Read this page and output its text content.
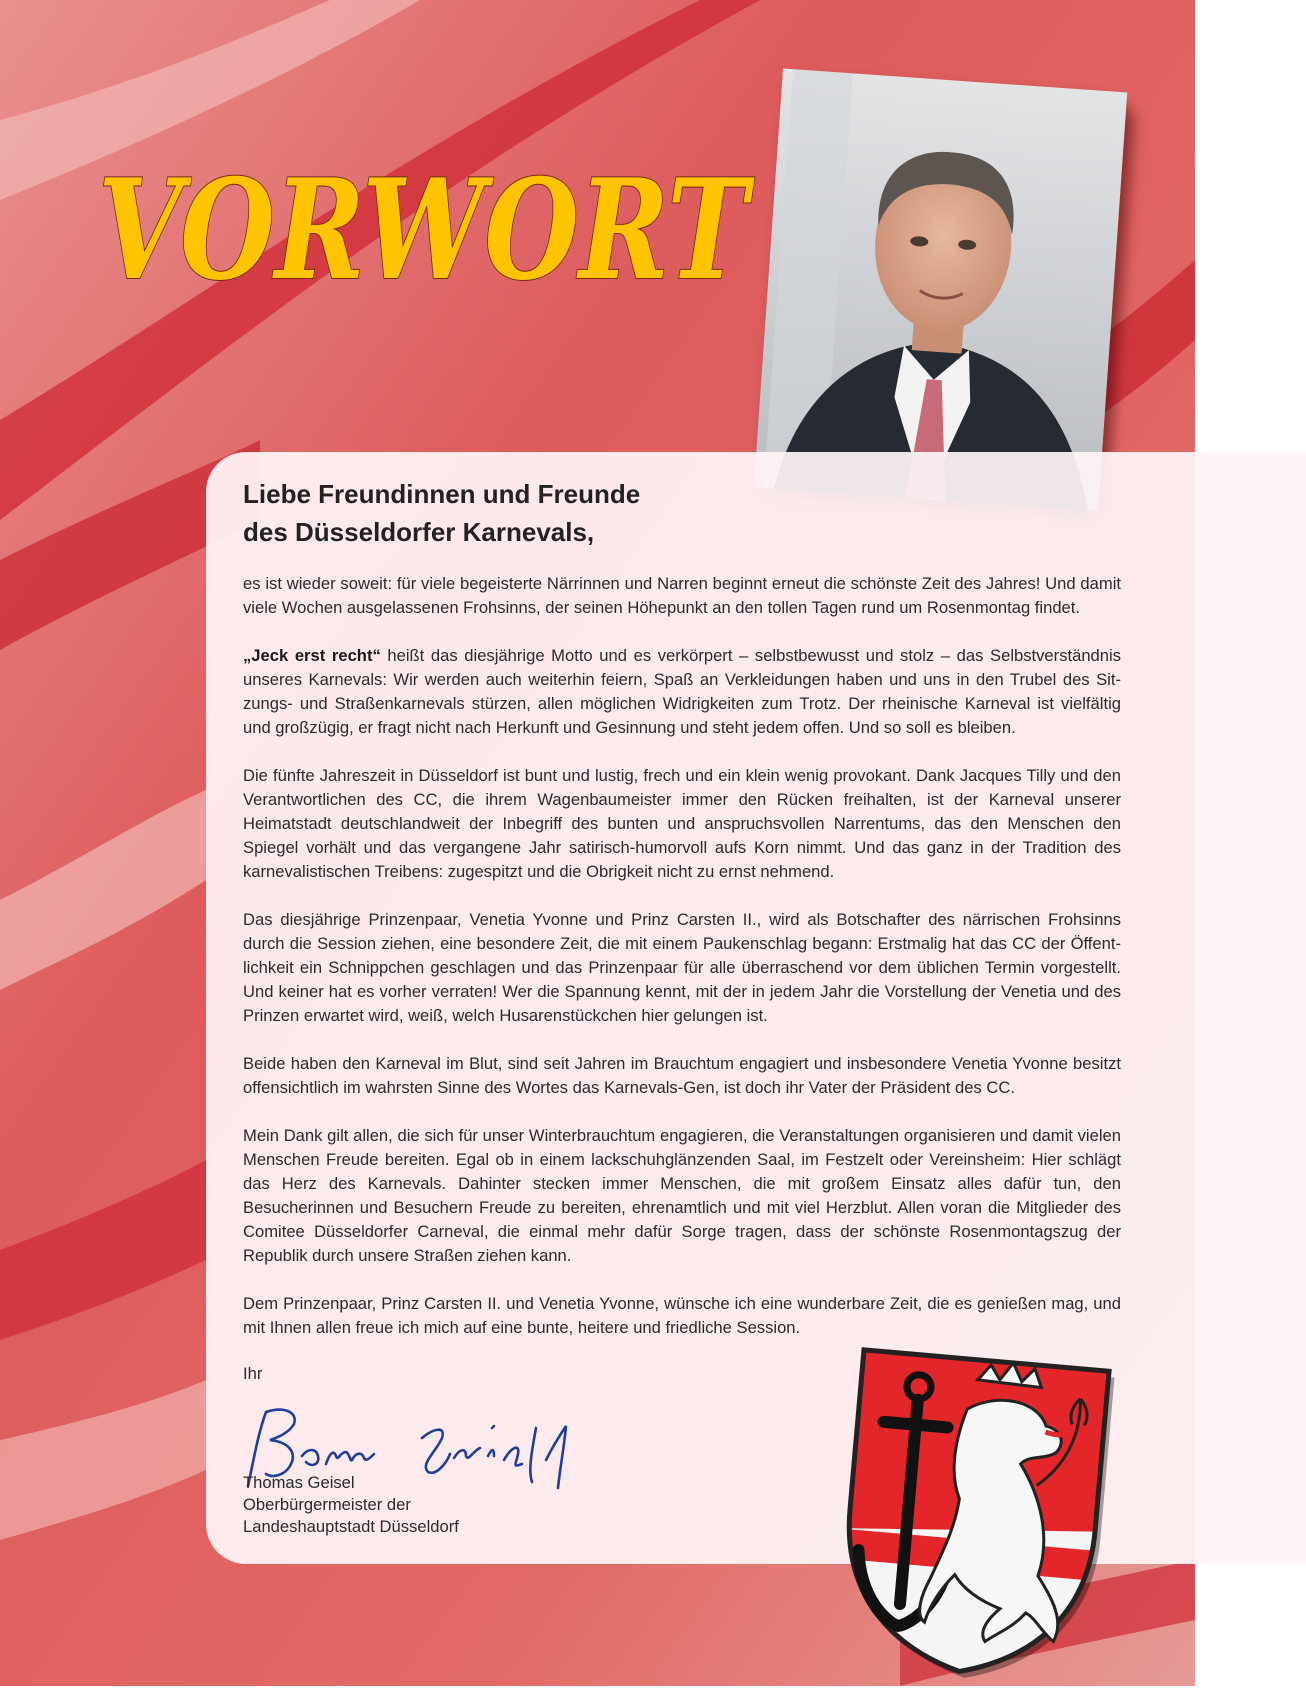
VORWORT
Liebe Freundinnen und Freunde
des Düsseldorfer Karnevals,

es ist wieder soweit: für viele begeisterte Närrinnen und Narren beginnt erneut die schönste Zeit des Jahres! Und damit viele Wochen ausgelassenen Frohsinns, der seinen Höhepunkt an den tollen Tagen rund um Rosenmontag findet.

„Jeck erst recht“ heißt das diesjährige Motto und es verkörpert – selbstbewusst und stolz – das Selbstverständnis unseres Karnevals: Wir werden auch weiterhin feiern, Spaß an Verkleidungen haben und uns in den Trubel des Sitzungs- und Straßenkarnevals stürzen, allen möglichen Widrigkeiten zum Trotz. Der rheinische Karneval ist vielfältig und großzügig, er fragt nicht nach Herkunft und Gesinnung und steht jedem offen. Und so soll es bleiben.

Die fünfte Jahreszeit in Düsseldorf ist bunt und lustig, frech und ein klein wenig provokant. Dank Jacques Tilly und den Verantwortlichen des CC, die ihrem Wagenbaumeister immer den Rücken freihalten, ist der Karneval unserer Heimatstadt deutschlandweit der Inbegriff des bunten und anspruchsvollen Narrentums, das den Menschen den Spiegel vorhält und das vergangene Jahr satirisch-humorvoll aufs Korn nimmt. Und das ganz in der Tradition des karnevalistischen Treibens: zugespitzt und die Obrigkeit nicht zu ernst nehmend.

Das diesjährige Prinzenpaar, Venetia Yvonne und Prinz Carsten II., wird als Botschafter des närrischen Frohsinns durch die Session ziehen, eine besondere Zeit, die mit einem Paukenschlag begann: Erstmalig hat das CC der Öffentlichkeit ein Schnippchen geschlagen und das Prinzenpaar für alle überraschend vor dem üblichen Termin vorgestellt. Und keiner hat es vorher verraten! Wer die Spannung kennt, mit der in jedem Jahr die Vorstellung der Venetia und des Prinzen erwartet wird, weiß, welch Husarenstückchen hier gelungen ist.

Beide haben den Karneval im Blut, sind seit Jahren im Brauchtum engagiert und insbesondere Venetia Yvonne besitzt offensichtlich im wahrsten Sinne des Wortes das Karnevals-Gen, ist doch ihr Vater der Präsident des CC.

Mein Dank gilt allen, die sich für unser Winterbrauchtum engagieren, die Veranstaltungen organisieren und damit vielen Menschen Freude bereiten. Egal ob in einem lackschuhglänzenden Saal, im Festzelt oder Vereinsheim: Hier schlägt das Herz des Karnevals. Dahinter stecken immer Menschen, die mit großem Einsatz alles dafür tun, den Besucherinnen und Besuchern Freude zu bereiten, ehrenamtlich und mit viel Herzblut. Allen voran die Mitglieder des Comitee Düsseldorfer Carneval, die einmal mehr dafür Sorge tragen, dass der schönste Rosenmontagszug der Republik durch unsere Straßen ziehen kann.

Dem Prinzenpaar, Prinz Carsten II. und Venetia Yvonne, wünsche ich eine wunderbare Zeit, die es genießen mag, und mit Ihnen allen freue ich mich auf eine bunte, heitere und friedliche Session.

Ihr
Thomas Geisel
Oberbürgermeister der
Landeshauptstadt Düsseldorf
